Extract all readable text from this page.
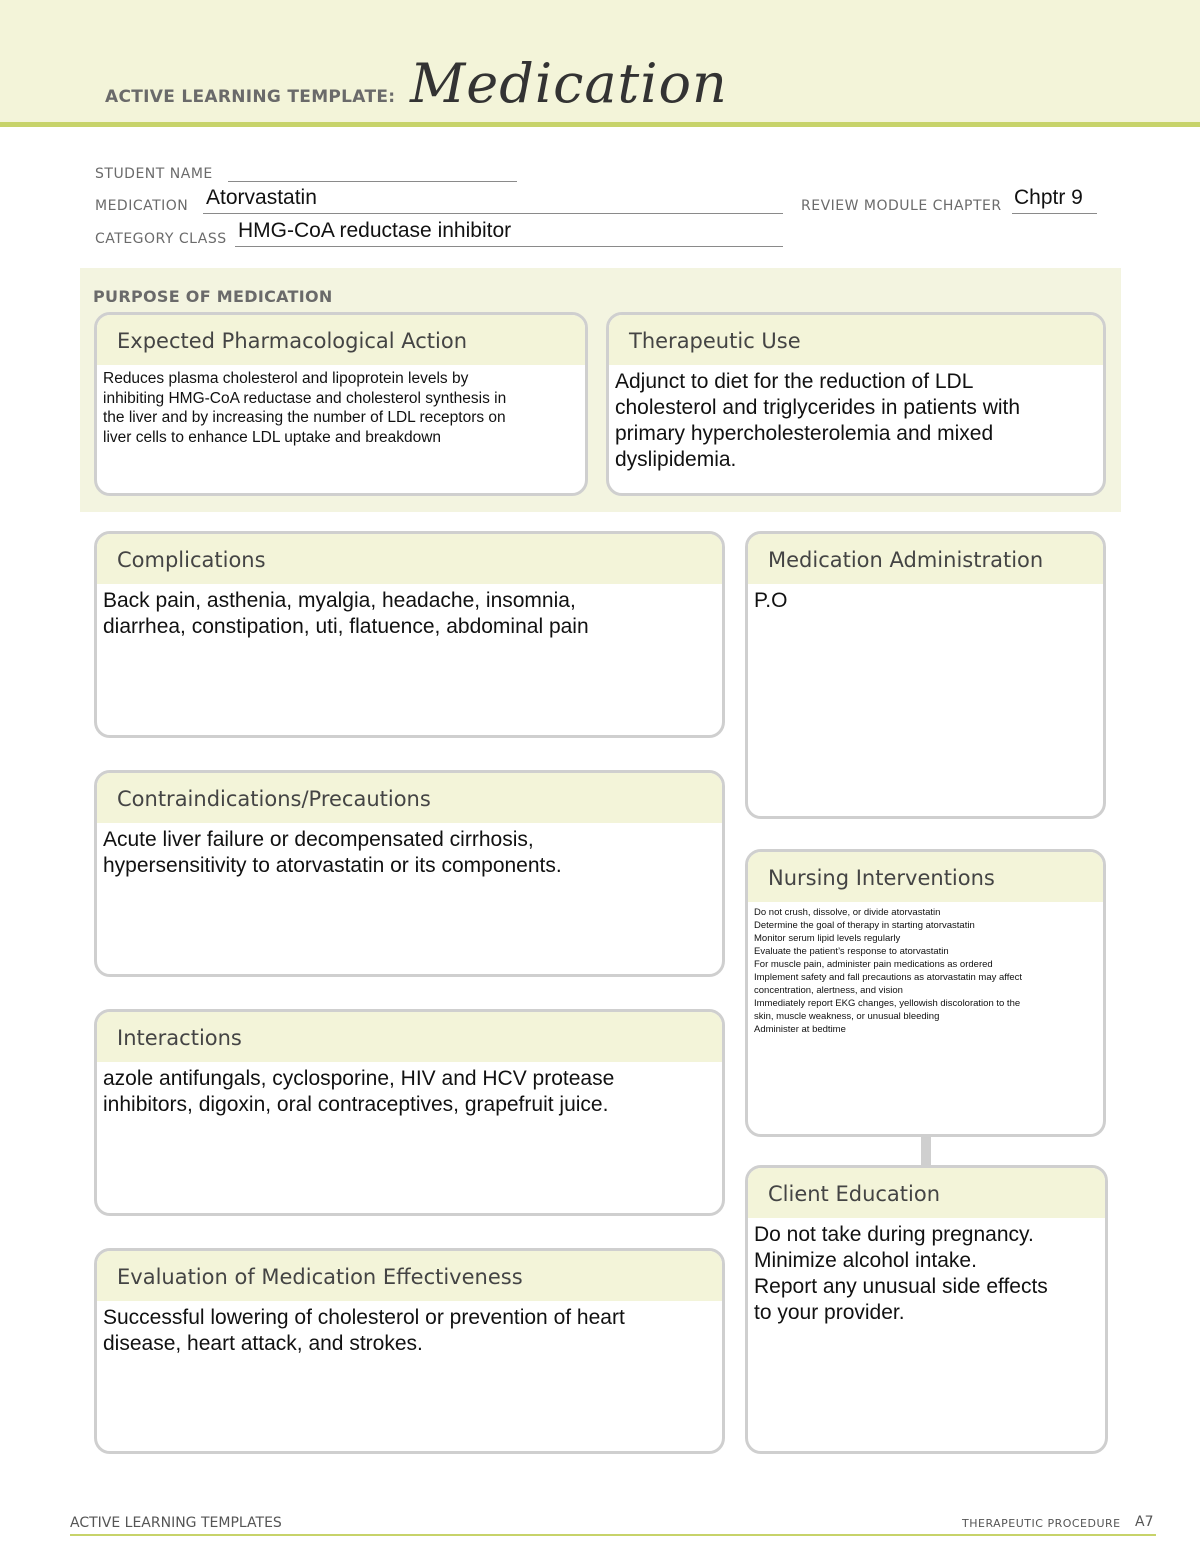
ACTIVE LEARNING TEMPLATE: Medication
STUDENT NAME
MEDICATION Atorvastatin	REVIEW MODULE CHAPTER Chptr 9
CATEGORY CLASS HMG-CoA reductase inhibitor
PURPOSE OF MEDICATION
Expected Pharmacological Action
Reduces plasma cholesterol and lipoprotein levels by
inhibiting HMG-CoA reductase and cholesterol synthesis in
the liver and by increasing the number of LDL receptors on
liver cells to enhance LDL uptake and breakdown
Therapeutic Use
Adjunct to diet for the reduction of LDL
cholesterol and triglycerides in patients with
primary hypercholesterolemia and mixed
dyslipidemia.
Complications
Back pain, asthenia, myalgia, headache, insomnia,
diarrhea, constipation, uti, flatuence, abdominal pain
Contraindications/Precautions
Acute liver failure or decompensated cirrhosis,
hypersensitivity to atorvastatin or its components.
Interactions
azole antifungals, cyclosporine, HIV and HCV protease
inhibitors, digoxin, oral contraceptives, grapefruit juice.
Evaluation of Medication Effectiveness
Successful lowering of cholesterol or prevention of heart
disease, heart attack, and strokes.
Medication Administration
P.O
Nursing Interventions
Do not crush, dissolve, or divide atorvastatin
Determine the goal of therapy in starting atorvastatin
Monitor serum lipid levels regularly
Evaluate the patient’s response to atorvastatin
For muscle pain, administer pain medications as ordered
Implement safety and fall precautions as atorvastatin may affect
concentration, alertness, and vision
Immediately report EKG changes, yellowish discoloration to the
skin, muscle weakness, or unusual bleeding
Administer at bedtime
Client Education
Do not take during pregnancy.
Minimize alcohol intake.
Report any unusual side effects
to your provider.
ACTIVE LEARNING TEMPLATES	THERAPEUTIC PROCEDURE A7
